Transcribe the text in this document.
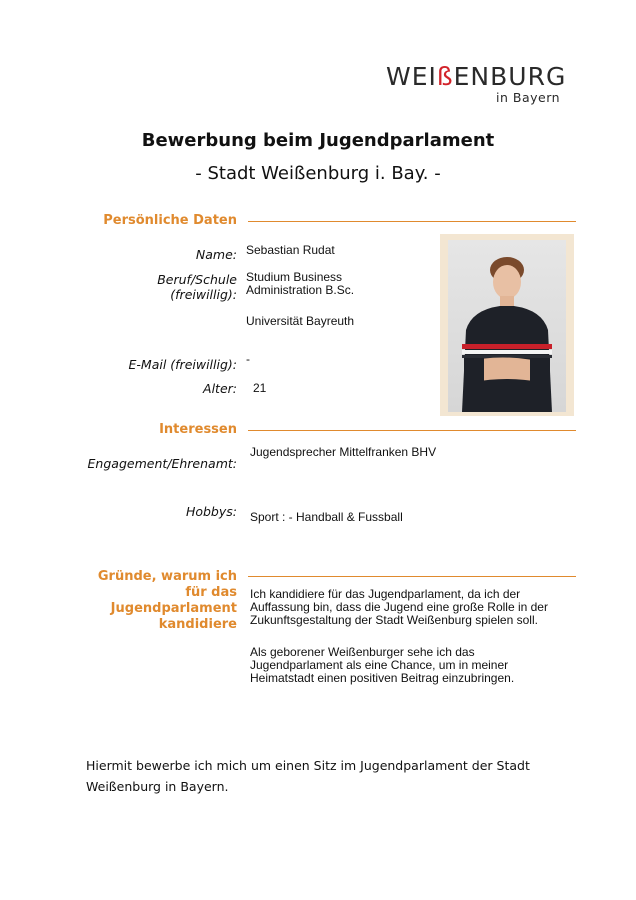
WEIßENBURG
in Bayern
Bewerbung beim Jugendparlament
- Stadt Weißenburg i. Bay. -
Persönliche Daten
Name: Sebastian Rudat
Beruf/Schule
(freiwillig):
Studium Business
Administration B.Sc.
Universität Bayreuth
E-Mail (freiwillig): -
Alter: 21
Interessen
Engagement/Ehrenamt:
Jugendsprecher Mittelfranken BHV
Hobbys: Sport : - Handball & Fussball
Gründe, warum ich
für das
Jugendparlament
kandidiere
Ich kandidiere für das Jugendparlament, da ich der
Auffassung bin, dass die Jugend eine große Rolle in der
Zukunftsgestaltung der Stadt Weißenburg spielen soll.
Als geborener Weißenburger sehe ich das
Jugendparlament als eine Chance, um in meiner
Heimatstadt einen positiven Beitrag einzubringen.
Hiermit bewerbe ich mich um einen Sitz im Jugendparlament der Stadt
Weißenburg in Bayern.
